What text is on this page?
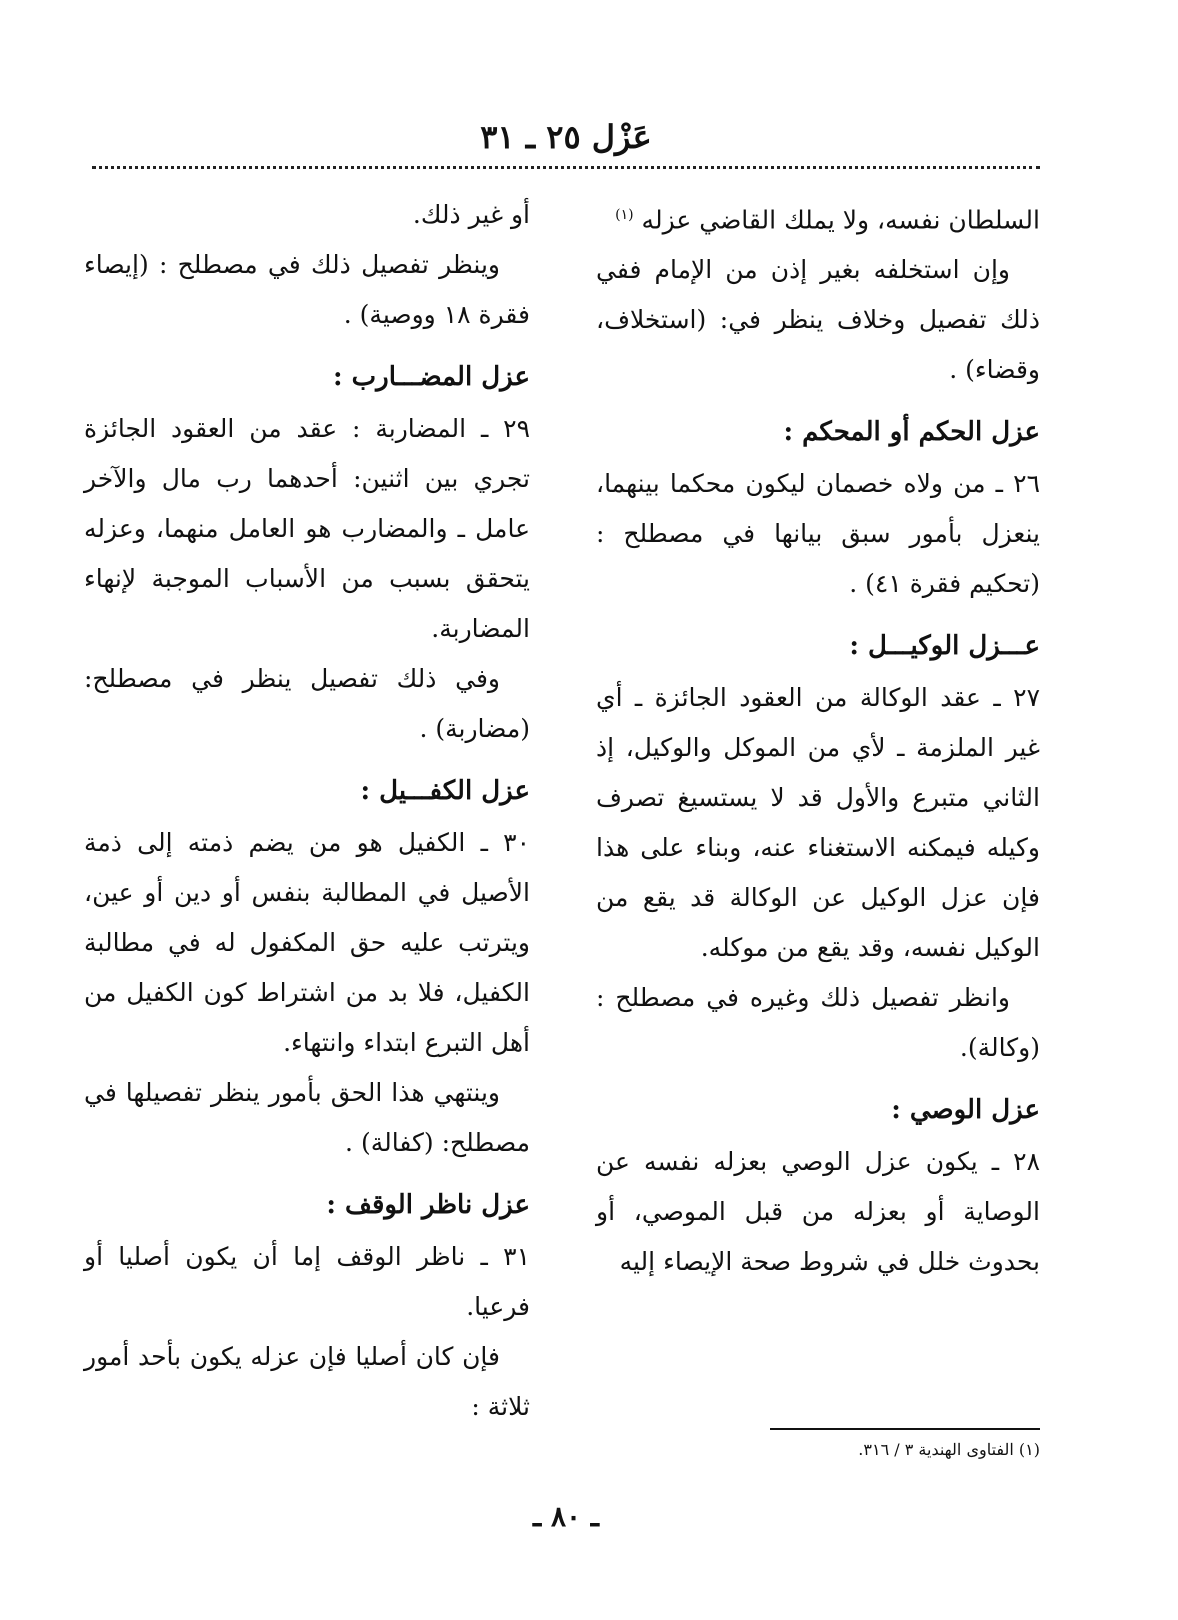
عَزْل ٢٥ ـ ٣١

السلطان نفسه، ولا يملك القاضي عزله $^{(١)}$

وإن استخلفه بغير إذن من الإمام ففي ذلك تفصيل وخلاف ينظر في: (استخلاف، وقضاء) .

عزل الحكم أو المحكم :

٢٦ ـ من ولاه خصمان ليكون محكما بينهما، ينعزل بأمور سبق بيانها في مصطلح : (تحكيم فقرة ٤١) .

عـــزل الوكيـــل :

٢٧ ـ عقد الوكالة من العقود الجائزة ـ أي غير الملزمة ـ لأي من الموكل والوكيل، إذ الثاني متبرع والأول قد لا يستسيغ تصرف وكيله فيمكنه الاستغناء عنه، وبناء على هذا فإن عزل الوكيل عن الوكالة قد يقع من الوكيل نفسه، وقد يقع من موكله.

وانظر تفصيل ذلك وغيره في مصطلح : (وكالة).

عزل الوصي :

٢٨ ـ يكون عزل الوصي بعزله نفسه عن الوصاية أو بعزله من قبل الموصي، أو بحدوث خلل في شروط صحة الإيصاء إليه

أو غير ذلك.

وينظر تفصيل ذلك في مصطلح : (إيصاء فقرة ١٨ ووصية) .

عزل المضـــارب :

٢٩ ـ المضاربة : عقد من العقود الجائزة تجري بين اثنين: أحدهما رب مال والآخر عامل ـ والمضارب هو العامل منهما، وعزله يتحقق بسبب من الأسباب الموجبة لإنهاء المضاربة.

وفي ذلك تفصيل ينظر في مصطلح: (مضاربة) .

عزل الكفـــيل :

٣٠ ـ الكفيل هو من يضم ذمته إلى ذمة الأصيل في المطالبة بنفس أو دين أو عين، ويترتب عليه حق المكفول له في مطالبة الكفيل، فلا بد من اشتراط كون الكفيل من أهل التبرع ابتداء وانتهاء.

وينتهي هذا الحق بأمور ينظر تفصيلها في مصطلح: (كفالة) .

عزل ناظر الوقف :

٣١ ـ ناظر الوقف إما أن يكون أصليا أو فرعيا.

فإن كان أصليا فإن عزله يكون بأحد أمور ثلاثة :

(١) الفتاوى الهندية ٣ / ٣١٦.
ـ ٨٠ ـ
